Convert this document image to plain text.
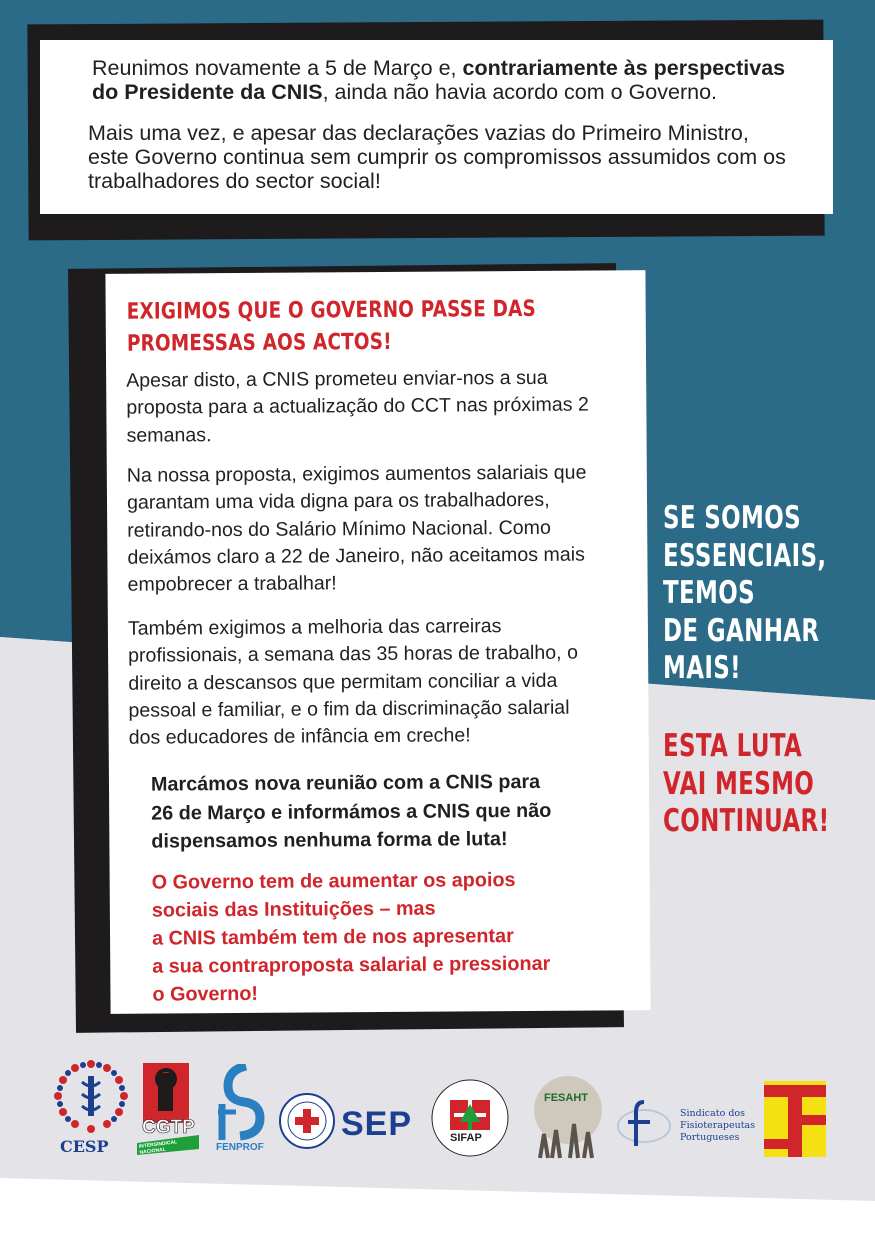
Reunimos novamente a 5 de Março e, contrariamente às perspectivas do Presidente da CNIS, ainda não havia acordo com o Governo.

Mais uma vez, e apesar das declarações vazias do Primeiro Ministro, este Governo continua sem cumprir os compromissos assumidos com os trabalhadores do sector social!

EXIGIMOS QUE O GOVERNO PASSE DAS
PROMESSAS AOS ACTOS!
Apesar disto, a CNIS prometeu enviar-nos a sua
proposta para a actualização do CCT nas próximas 2
semanas.
Na nossa proposta, exigimos aumentos salariais que
garantam uma vida digna para os trabalhadores,
retirando-nos do Salário Mínimo Nacional. Como
deixámos claro a 22 de Janeiro, não aceitamos mais
empobrecer a trabalhar!
Também exigimos a melhoria das carreiras
profissionais, a semana das 35 horas de trabalho, o
direito a descansos que permitam conciliar a vida
pessoal e familiar, e o fim da discriminação salarial
dos educadores de infância em creche!
Marcámos nova reunião com a CNIS para
26 de Março e informámos a CNIS que não
dispensamos nenhuma forma de luta!
O Governo tem de aumentar os apoios
sociais das Instituições – mas
a CNIS também tem de nos apresentar
a sua contraproposta salarial e pressionar
o Governo!
SE SOMOS
ESSENCIAIS,
TEMOS
DE GANHAR
MAIS!
ESTA LUTA
VAI MESMO
CONTINUAR!
CESP
CGTP
INTERSINDICAL NACIONAL	FENPROF
SEP	SIFAP
FESAHT
Sindicato dos
Fisioterapeutas
Portugueses
